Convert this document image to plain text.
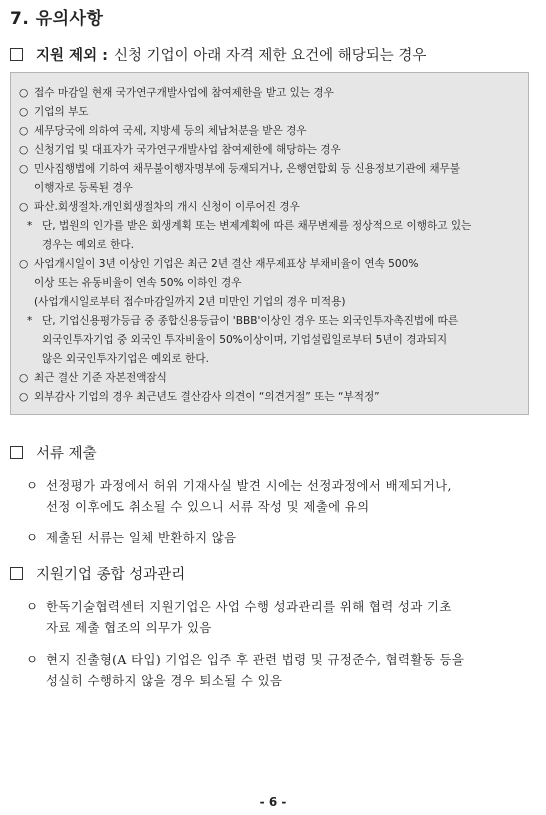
7. 유의사항
지원 제외 : 신청 기업이 아래 자격 제한 요건에 해당되는 경우
○ 접수 마감일 현재 국가연구개발사업에 참여제한을 받고 있는 경우
○ 기업의 부도
○ 세무당국에 의하여 국세, 지방세 등의 체납처분을 받은 경우
○ 신청기업 및 대표자가 국가연구개발사업 참여제한에 해당하는 경우
○ 민사집행법에 기하여 채무불이행자명부에 등재되거나, 은행연합회 등 신용정보기관에 채무불
이행자로 등록된 경우
○ 파산.회생절차.개인회생절차의 개시 신청이 이루어진 경우
* 단, 법원의 인가를 받은 회생계획 또는 변제계획에 따른 채무변제를 정상적으로 이행하고 있는
경우는 예외로 한다.
○ 사업개시일이 3년 이상인 기업은 최근 2년 결산 재무제표상 부채비율이 연속 500%
이상 또는 유동비율이 연속 50% 이하인 경우
(사업개시일로부터 접수마감일까지 2년 미만인 기업의 경우 미적용)
* 단, 기업신용평가등급 중 종합신용등급이 'BBB'이상인 경우 또는 외국인투자촉진법에 따른
외국인투자기업 중 외국인 투자비율이 50%이상이며, 기업설립일로부터 5년이 경과되지
않은 외국인투자기업은 예외로 한다.
○ 최근 결산 기준 자본전액잠식
○ 외부감사 기업의 경우 최근년도 결산감사 의견이 “의견거절” 또는 “부적정”
서류 제출
ㅇ 선정평가 과정에서 허위 기재사실 발견 시에는 선정과정에서 배제되거나,
선정 이후에도 취소될 수 있으니 서류 작성 및 제출에 유의
ㅇ 제출된 서류는 일체 반환하지 않음
지원기업 종합 성과관리
ㅇ 한독기술협력센터 지원기업은 사업 수행 성과관리를 위해 협력 성과 기초
자료 제출 협조의 의무가 있음
ㅇ 현지 진출형(A 타입) 기업은 입주 후 관련 법령 및 규정준수, 협력활동 등을
성실히 수행하지 않을 경우 퇴소될 수 있음
- 6 -
